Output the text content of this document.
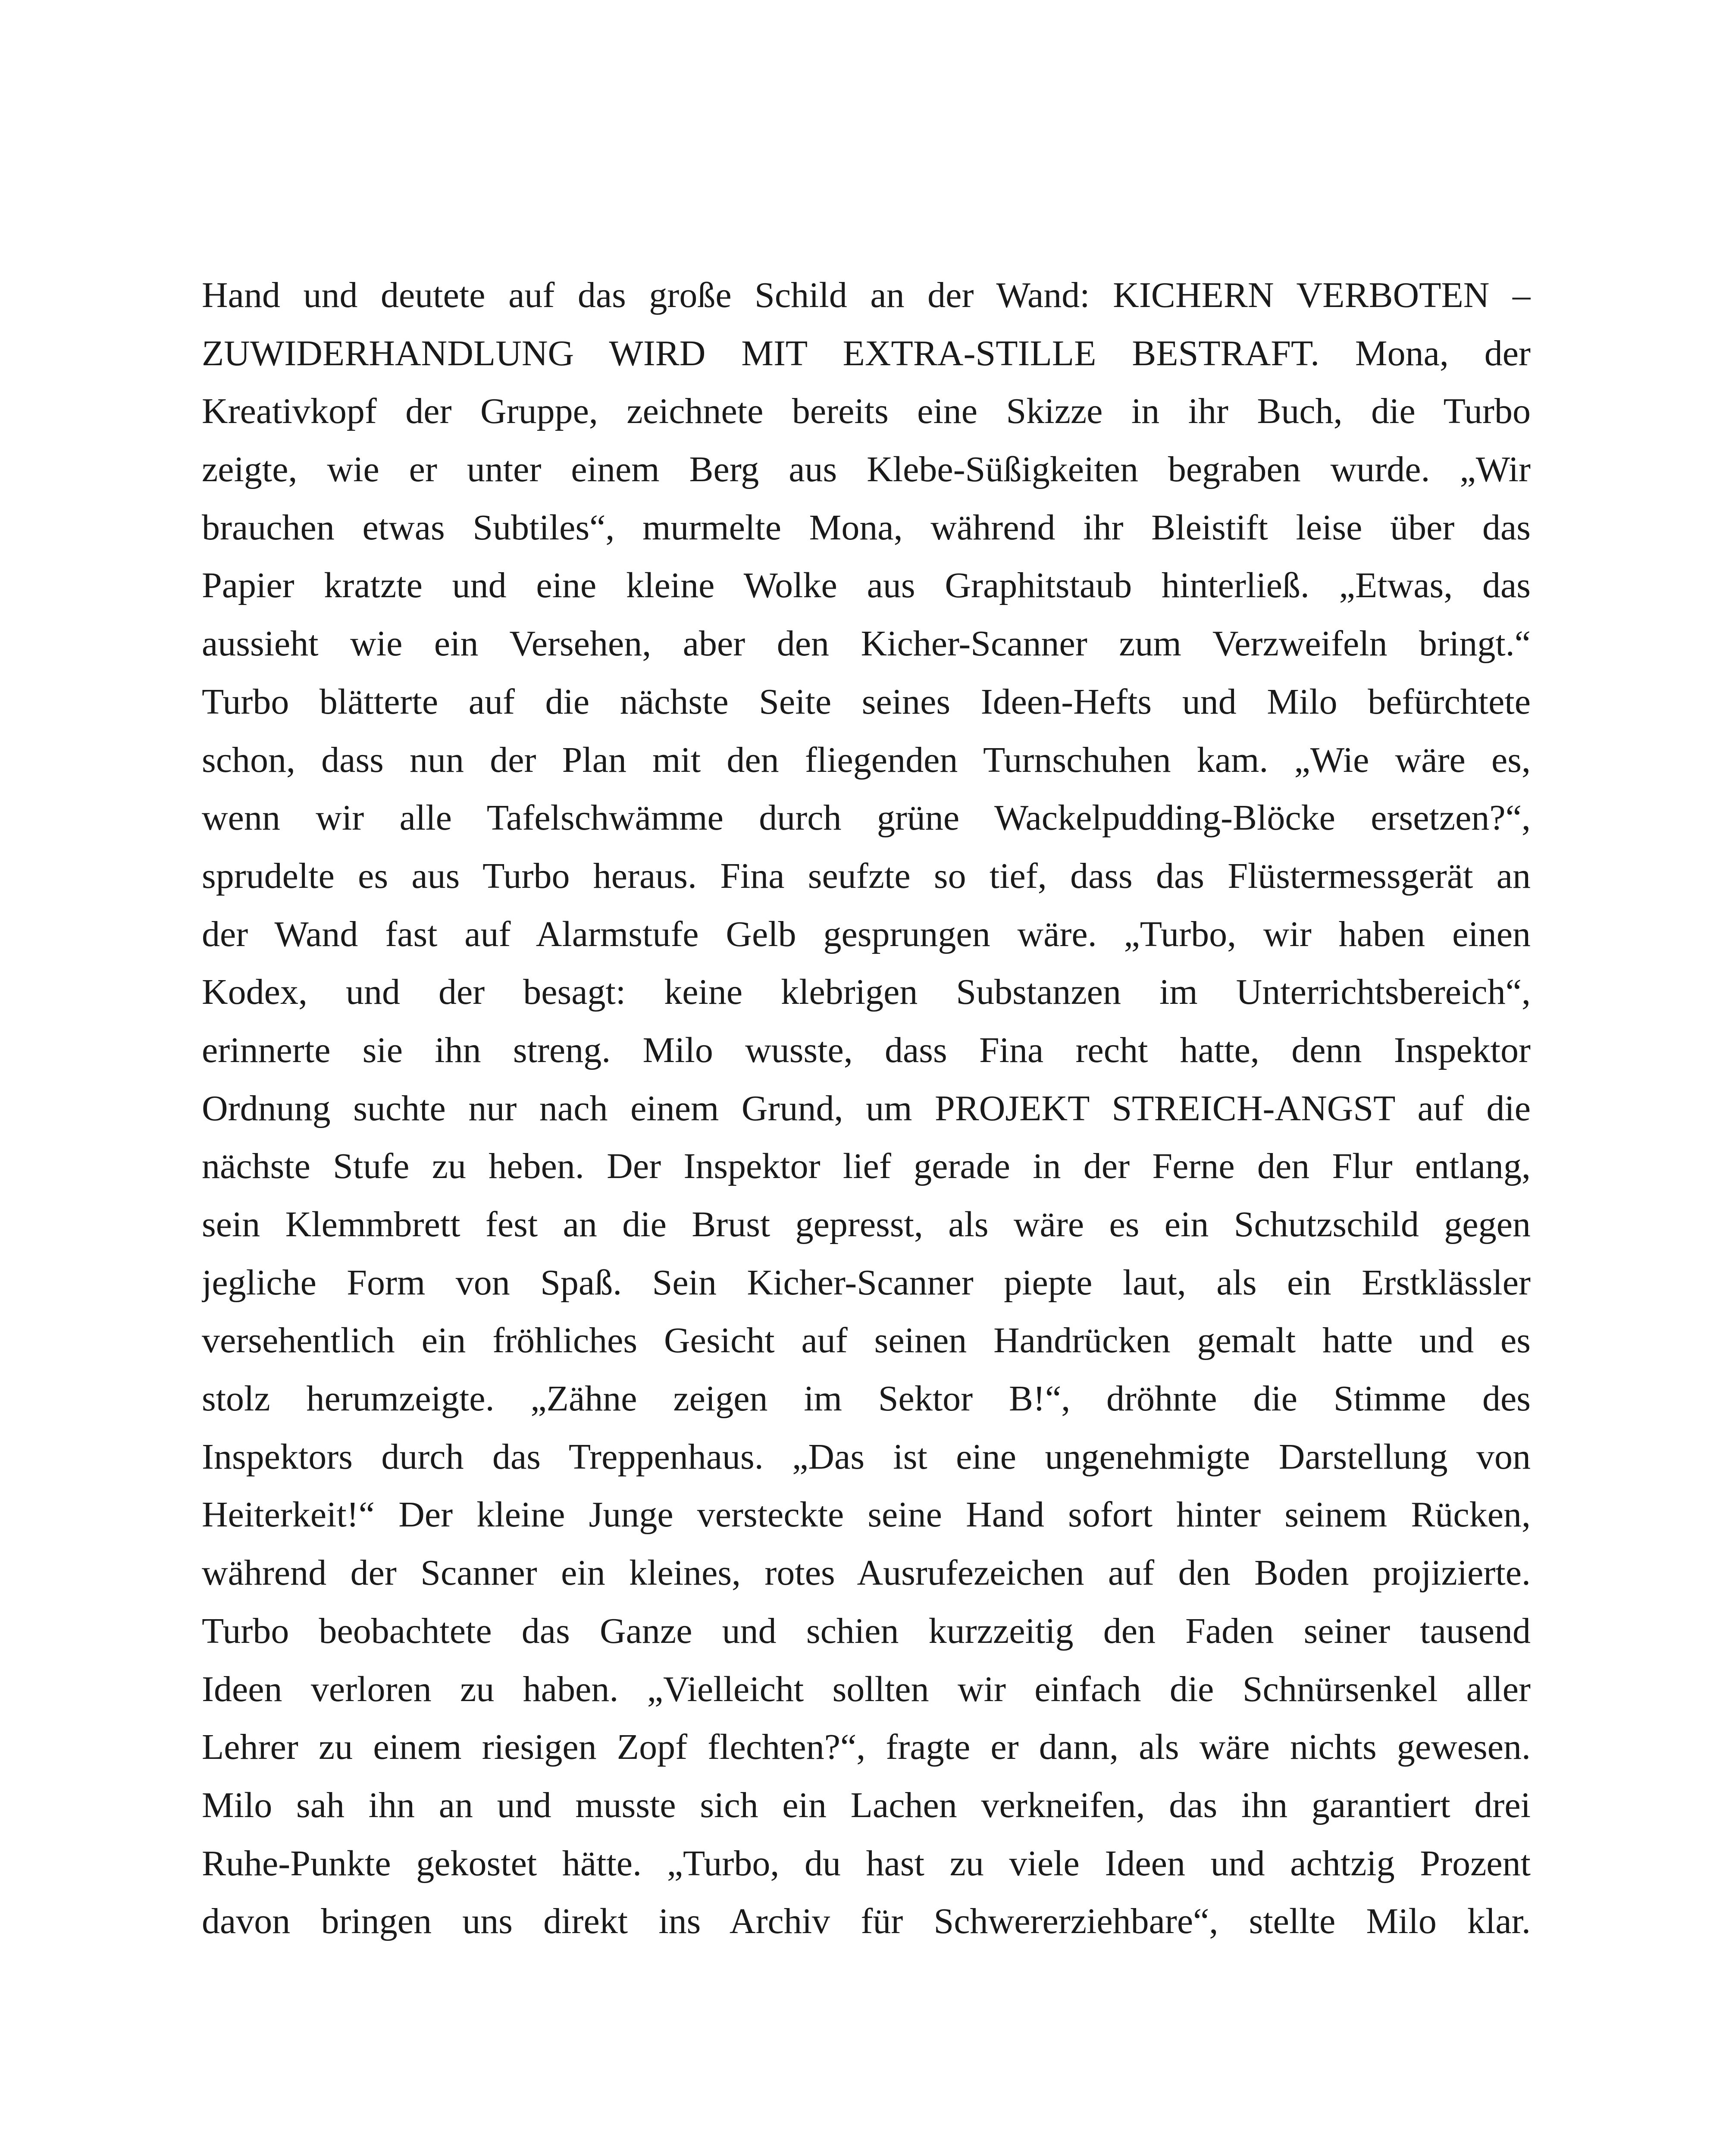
Hand und deutete auf das große Schild an der Wand: KICHERN VERBOTEN –
ZUWIDERHANDLUNG WIRD MIT EXTRA-STILLE BESTRAFT. Mona, der
Kreativkopf der Gruppe, zeichnete bereits eine Skizze in ihr Buch, die Turbo
zeigte, wie er unter einem Berg aus Klebe-Süßigkeiten begraben wurde. „Wir
brauchen etwas Subtiles“, murmelte Mona, während ihr Bleistift leise über das
Papier kratzte und eine kleine Wolke aus Graphitstaub hinterließ. „Etwas, das
aussieht wie ein Versehen, aber den Kicher-Scanner zum Verzweifeln bringt.“
Turbo blätterte auf die nächste Seite seines Ideen-Hefts und Milo befürchtete
schon, dass nun der Plan mit den fliegenden Turnschuhen kam. „Wie wäre es,
wenn wir alle Tafelschwämme durch grüne Wackelpudding-Blöcke ersetzen?“,
sprudelte es aus Turbo heraus. Fina seufzte so tief, dass das Flüstermessgerät an
der Wand fast auf Alarmstufe Gelb gesprungen wäre. „Turbo, wir haben einen
Kodex, und der besagt: keine klebrigen Substanzen im Unterrichtsbereich“,
erinnerte sie ihn streng. Milo wusste, dass Fina recht hatte, denn Inspektor
Ordnung suchte nur nach einem Grund, um PROJEKT STREICH-ANGST auf die
nächste Stufe zu heben. Der Inspektor lief gerade in der Ferne den Flur entlang,
sein Klemmbrett fest an die Brust gepresst, als wäre es ein Schutzschild gegen
jegliche Form von Spaß. Sein Kicher-Scanner piepte laut, als ein Erstklässler
versehentlich ein fröhliches Gesicht auf seinen Handrücken gemalt hatte und es
stolz herumzeigte. „Zähne zeigen im Sektor B!“, dröhnte die Stimme des
Inspektors durch das Treppenhaus. „Das ist eine ungenehmigte Darstellung von
Heiterkeit!“ Der kleine Junge versteckte seine Hand sofort hinter seinem Rücken,
während der Scanner ein kleines, rotes Ausrufezeichen auf den Boden projizierte.
Turbo beobachtete das Ganze und schien kurzzeitig den Faden seiner tausend
Ideen verloren zu haben. „Vielleicht sollten wir einfach die Schnürsenkel aller
Lehrer zu einem riesigen Zopf flechten?“, fragte er dann, als wäre nichts gewesen.
Milo sah ihn an und musste sich ein Lachen verkneifen, das ihn garantiert drei
Ruhe-Punkte gekostet hätte. „Turbo, du hast zu viele Ideen und achtzig Prozent
davon bringen uns direkt ins Archiv für Schwererziehbare“, stellte Milo klar.
